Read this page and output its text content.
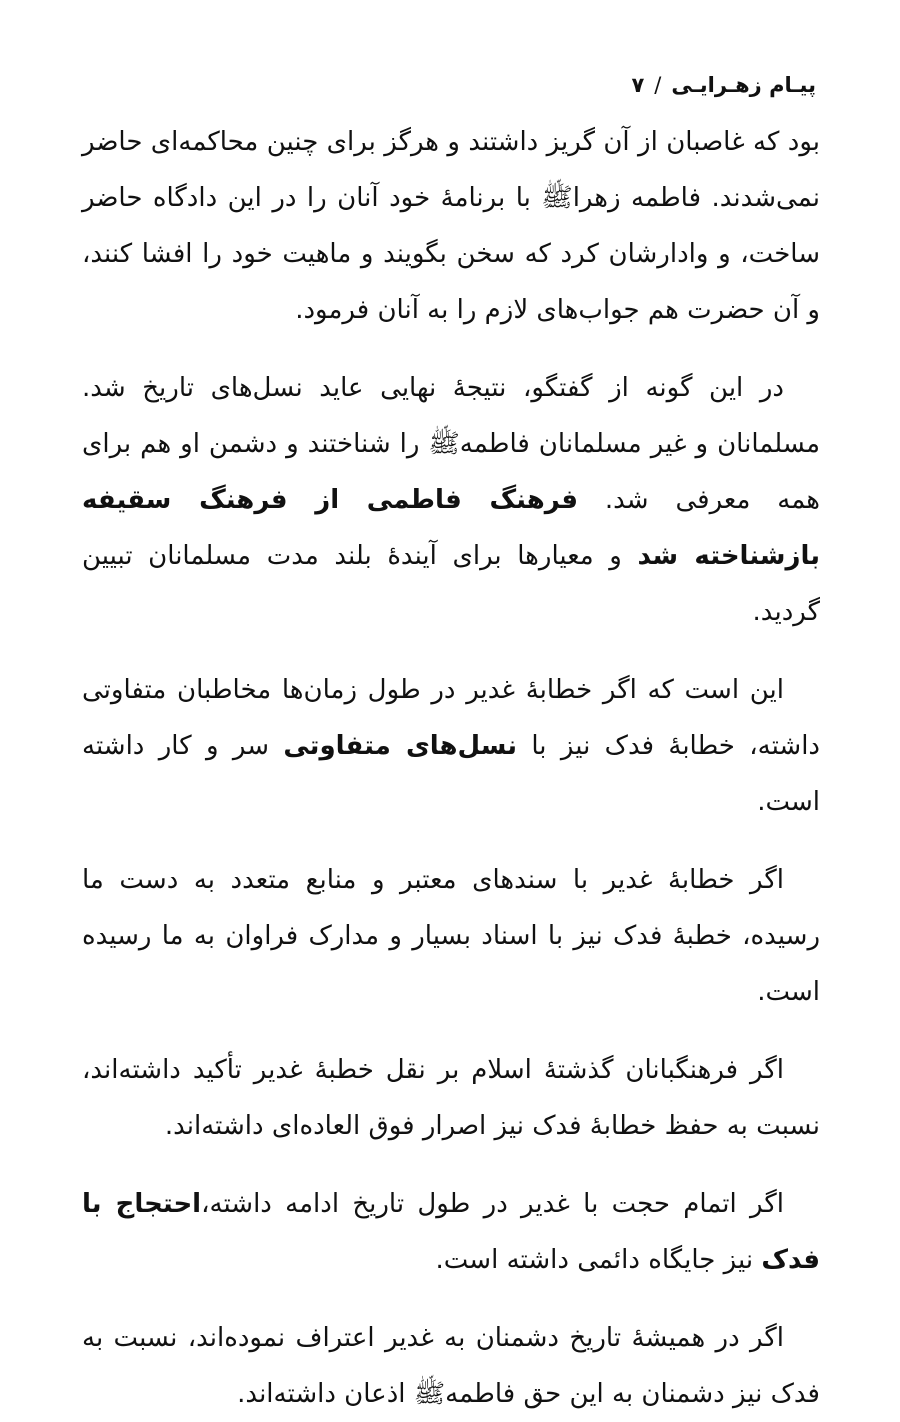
پیـام زهـرایـی/۷

بود که غاصبان از آن گریز داشتند و هرگز برای چنین محاکمه‌ای حاضر نمی‌شدند. فاطمه زهراﷺ با برنامهٔ خود آنان را در این دادگاه حاضر ساخت، و وادارشان کرد که سخن بگویند و ماهیت خود را افشا کنند، و آن حضرت هم جواب‌های لازم را به آنان فرمود.

در این گونه از گفتگو، نتیجهٔ نهایی عاید نسل‌های تاریخ شد. مسلمانان و غیر مسلمانان فاطمهﷺ را شناختند و دشمن او هم برای همه معرفی شد. فرهنگ فاطمی از فرهنگ سقیفه بازشناخته شد و معیارها برای آیندهٔ بلند مدت مسلمانان تبیین گردید.

این است که اگر خطابهٔ غدیر در طول زمان‌ها مخاطبان متفاوتی داشته، خطابهٔ فدک نیز با نسل‌های متفاوتی سر و کار داشته است.

اگر خطابهٔ غدیر با سندهای معتبر و منابع متعدد به دست ما رسیده، خطبهٔ فدک نیز با اسناد بسیار و مدارک فراوان به ما رسیده است.

اگر فرهنگبانان گذشتهٔ اسلام بر نقل خطبهٔ غدیر تأکید داشته‌اند، نسبت به حفظ خطابهٔ فدک نیز اصرار فوق العاده‌ای داشته‌اند.

اگر اتمام حجت با غدیر در طول تاریخ ادامه داشته،احتجاج با فدک نیز جایگاه دائمی داشته است.

اگر در همیشهٔ تاریخ دشمنان به غدیر اعتراف نموده‌اند، نسبت به فدک نیز دشمنان به این حق فاطمهﷺ اذعان داشته‌اند.
